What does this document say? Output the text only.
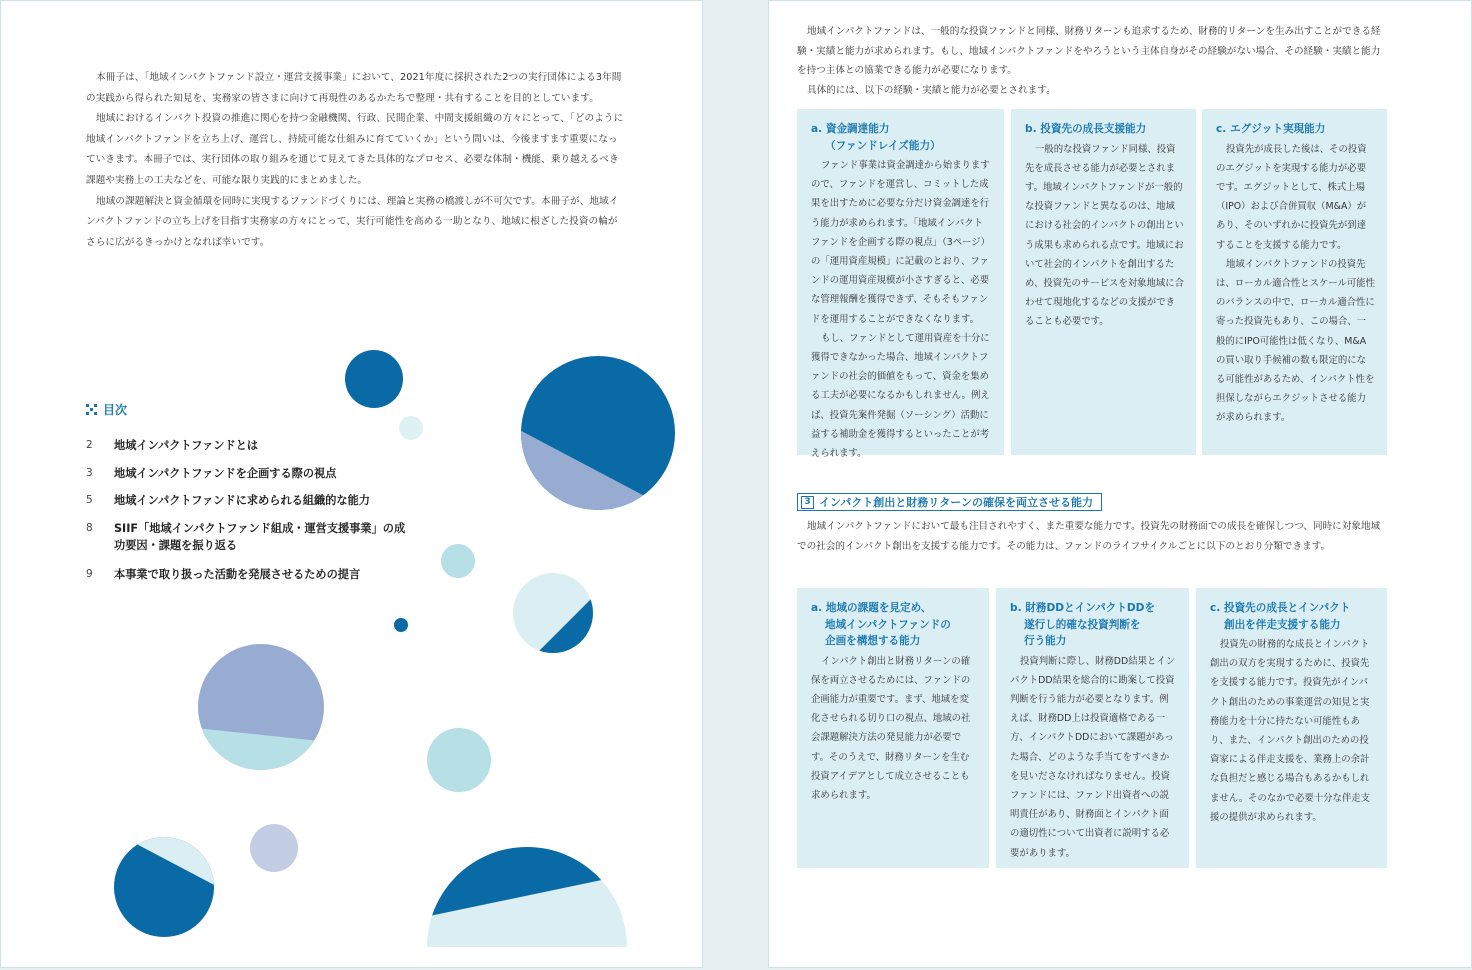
本冊子は、「地域インパクトファンド設立・運営支援事業」において、2021年度に採択された2つの実行団体による3年間の実践から得られた知見を、実務家の皆さまに向けて再現性のあるかたちで整理・共有することを目的としています。

地域におけるインパクト投資の推進に関心を持つ金融機関、行政、民間企業、中間支援組織の方々にとって、「どのように地域インパクトファンドを立ち上げ、運営し、持続可能な仕組みに育てていくか」という問いは、今後ますます重要になっていきます。本冊子では、実行団体の取り組みを通じて見えてきた具体的なプロセス、必要な体制・機能、乗り越えるべき課題や実務上の工夫などを、可能な限り実践的にまとめました。

地域の課題解決と資金循環を同時に実現するファンドづくりには、理論と実務の橋渡しが不可欠です。本冊子が、地域インパクトファンドの立ち上げを目指す実務家の方々にとって、実行可能性を高める一助となり、地域に根ざした投資の輪がさらに広がるきっかけとなれば幸いです。

目次
2	地域インパクトファンドとは
3	地域インパクトファンドを企画する際の視点
5	地域インパクトファンドに求められる組織的な能力
8	SIIF「地域インパクトファンド組成・運営支援事業」の成功要因・課題を振り返る
9	本事業で取り扱った活動を発展させるための提言

地域インパクトファンドは、一般的な投資ファンドと同様、財務リターンも追求するため、財務的リターンを生み出すことができる経験・実績と能力が求められます。もし、地域インパクトファンドをやろうという主体自身がその経験がない場合、その経験・実績と能力を持つ主体との協業できる能力が必要になります。

具体的には、以下の経験・実績と能力が必要とされます。

a. 資金調達能力
（ファンドレイズ能力）

ファンド事業は資金調達から始まりますので、ファンドを運営し、コミットした成果を出すために必要な分だけ資金調達を行う能力が求められます。「地域インパクトファンドを企画する際の視点」（3ページ）の「運用資産規模」に記載のとおり、ファンドの運用資産規模が小さすぎると、必要な管理報酬を獲得できず、そもそもファンドを運用することができなくなります。

もし、ファンドとして運用資産を十分に獲得できなかった場合、地域インパクトファンドの社会的価値をもって、資金を集める工夫が必要になるかもしれません。例えば、投資先案件発掘（ソーシング）活動に益する補助金を獲得するといったことが考えられます。

b. 投資先の成長支援能力

一般的な投資ファンド同様、投資先を成長させる能力が必要とされます。地域インパクトファンドが一般的な投資ファンドと異なるのは、地域における社会的インパクトの創出という成果も求められる点です。地域において社会的インパクトを創出するため、投資先のサービスを対象地域に合わせて現地化するなどの支援ができることも必要です。

c. エグジット実現能力

投資先が成長した後は、その投資のエグジットを実現する能力が必要です。エグジットとして、株式上場（IPO）および合併買収（M&A）があり、そのいずれかに投資先が到達することを支援する能力です。

地域インパクトファンドの投資先は、ローカル適合性とスケール可能性のバランスの中で、ローカル適合性に寄った投資先もあり、この場合、一般的にIPO可能性は低くなり、M&Aの買い取り手候補の数も限定的になる可能性があるため、インパクト性を担保しながらエクジットさせる能力が求められます。

3 インパクト創出と財務リターンの確保を両立させる能力

地域インパクトファンドにおいて最も注目されやすく、また重要な能力です。投資先の財務面での成長を確保しつつ、同時に対象地域での社会的インパクト創出を支援する能力です。その能力は、ファンドのライフサイクルごとに以下のとおり分類できます。

a. 地域の課題を見定め、
地域インパクトファンドの
企画を構想する能力

インパクト創出と財務リターンの確保を両立させるためには、ファンドの企画能力が重要です。まず、地域を変化させられる切り口の視点、地域の社会課題解決方法の発見能力が必要です。そのうえで、財務リターンを生む投資アイデアとして成立させることも求められます。

b. 財務DDとインパクトDDを
遂行し的確な投資判断を
行う能力

投資判断に際し、財務DD結果とインパクトDD結果を総合的に勘案して投資判断を行う能力が必要となります。例えば、財務DD上は投資適格である一方、インパクトDDにおいて課題があった場合、どのような手当てをすべきかを見いださなければなりません。投資ファンドには、ファンド出資者への説明責任があり、財務面とインパクト面の適切性について出資者に説明する必要があります。

c. 投資先の成長とインパクト
創出を伴走支援する能力

投資先の財務的な成長とインパクト創出の双方を実現するために、投資先を支援する能力です。投資先がインパクト創出のための事業運営の知見と実務能力を十分に持たない可能性もあり、また、インパクト創出のための投資家による伴走支援を、業務上の余計な負担だと感じる場合もあるかもしれません。そのなかで必要十分な伴走支援の提供が求められます。
